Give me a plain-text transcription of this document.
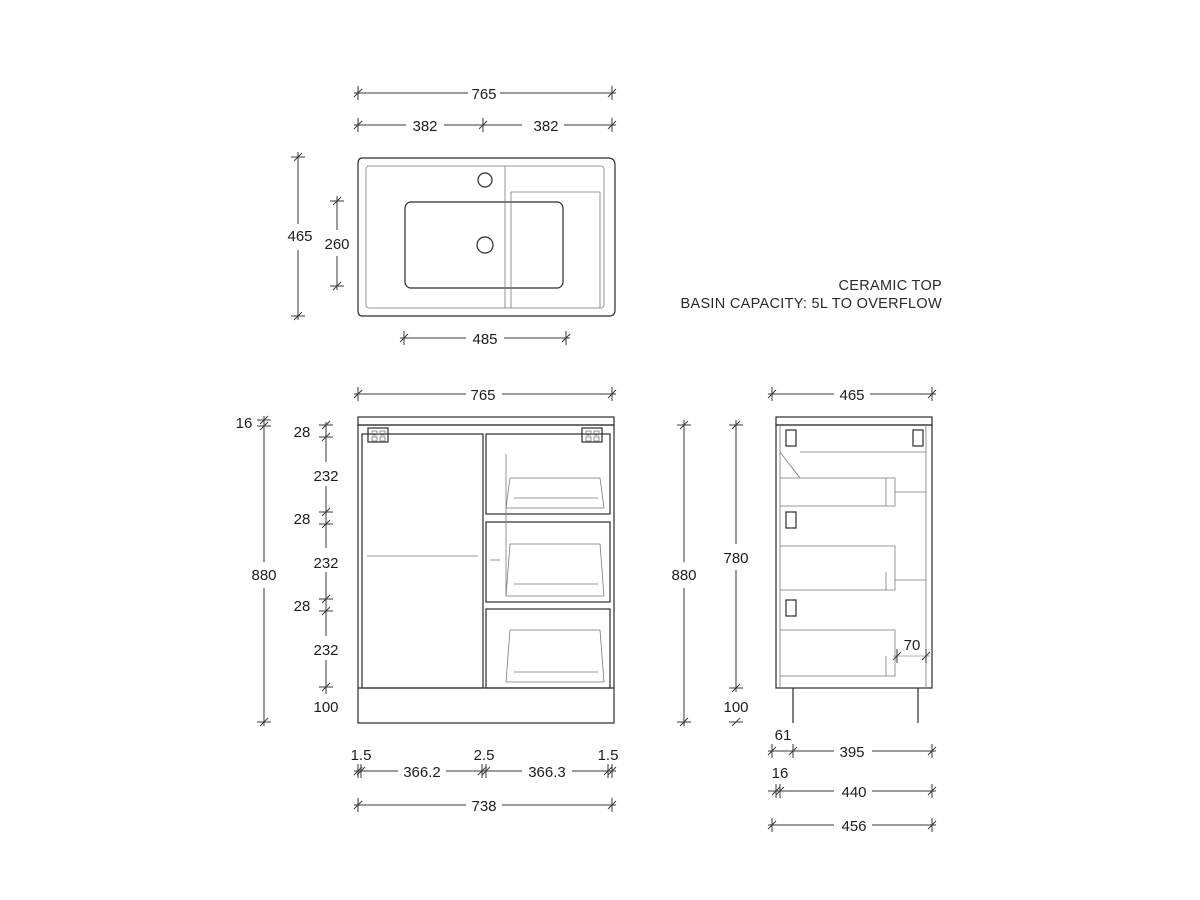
765
382	382
465 260
485
CERAMIC TOP
BASIN CAPACITY: 5L TO OVERFLOW
765
16
880
28
232
28
232
28
232
100
1.5	2.5	1.5
366.2	366.3
738
465
880
780
100
70
61
395
16
440
456
